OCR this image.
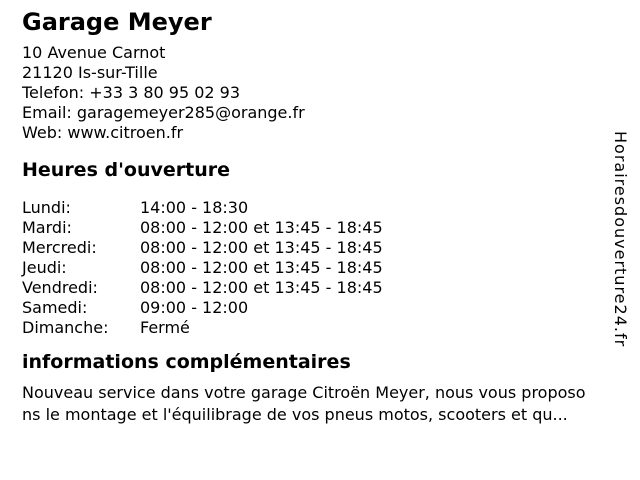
Garage Meyer
10 Avenue Carnot
21120 Is-sur-Tille
Telefon: +33 3 80 95 02 93
Email: garagemeyer285@orange.fr
Web: www.citroen.fr
Heures d'ouverture
Lundi:	14:00 - 18:30
Mardi:	08:00 - 12:00 et 13:45 - 18:45
Mercredi:	08:00 - 12:00 et 13:45 - 18:45
Jeudi:	08:00 - 12:00 et 13:45 - 18:45
Vendredi:	08:00 - 12:00 et 13:45 - 18:45
Samedi:	09:00 - 12:00
Dimanche: Fermé
informations complémentaires
Nouveau service dans votre garage Citroën Meyer, nous vous proposo
ns le montage et l'équilibrage de vos pneus motos, scooters et qu...
Horairesdouverture24.fr
